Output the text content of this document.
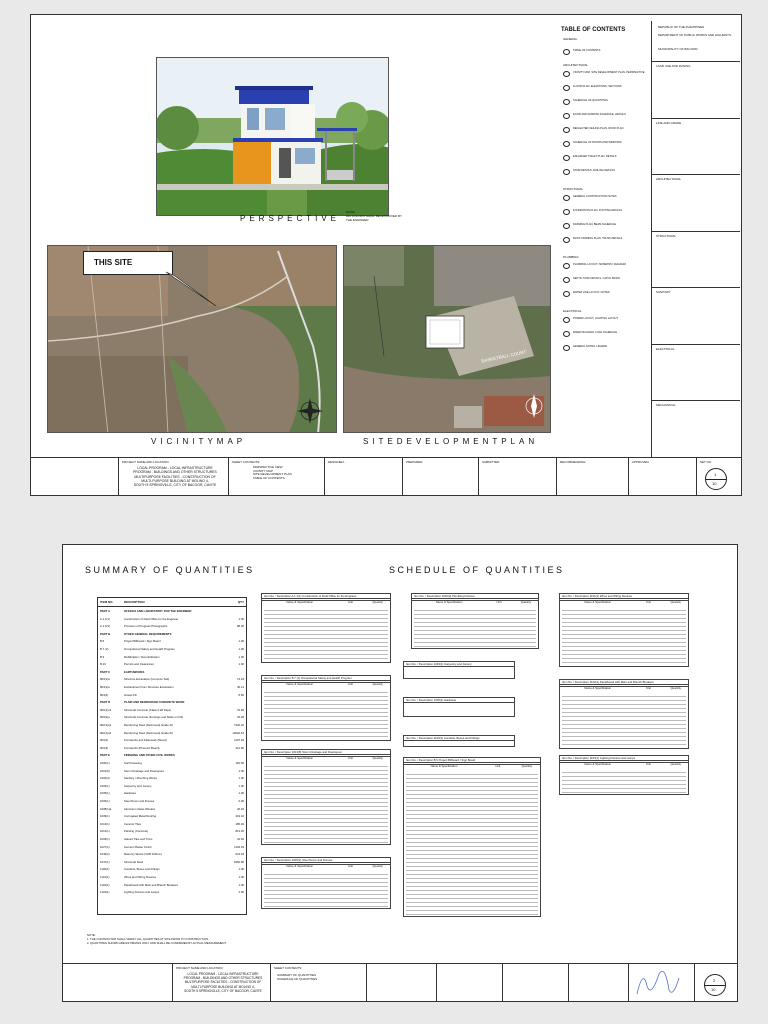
PERSPECTIVE
NOTE:
ALL COLORS SHALL BE APPROVED BY THE ENGINEER
THIS SITE
VICINITYMAP
BASKETBALL COURT
SITEDEVELOPMENTPLAN
TABLE OF CONTENTS
GENERAL
TABLE OF CONTENTS
ARCHITECTURAL
VICINITY MAP, SITE DEVELOPMENT PLAN, PERSPECTIVE
FLOOR PLAN, ELEVATIONS, SECTIONS
SCHEDULE OF QUANTITIES
DOOR AND WINDOW SCHEDULE, DETAILS
REFLECTED CEILING PLAN, ROOF PLAN
SCHEDULE OF DOORS AND WINDOWS
ENLARGED TOILET PLAN, DETAILS
STAIR DETAILS, RAILING DETAILS
STRUCTURAL
GENERAL CONSTRUCTION NOTES
FOUNDATION PLAN, FOOTING DETAILS
FRAMING PLAN, BEAM SCHEDULE
ROOF FRAMING PLAN, TRUSS DETAILS
PLUMBING
PLUMBING LAYOUT, ISOMETRIC DIAGRAM
SEPTIC TANK DETAILS, CATCH BASIN
WATER LINE LAYOUT, NOTES
ELECTRICAL
POWER LAYOUT, LIGHTING LAYOUT
RISER DIAGRAM, LOAD SCHEDULE
GENERAL NOTES, LEGEND
REPUBLIC OF THE PHILIPPINES
DEPARTMENT OF PUBLIC WORKS AND HIGHWAYS
MUNICIPALITY OF BACOOR
LAND USE AND ZONING
LINE AND GRADE
ARCHITECTURAL
STRUCTURAL
SANITARY
ELECTRICAL
MECHANICAL
PROJECT NAME AND LOCATION:
LOCAL PROGRAM - LOCAL INFRASTRUCTURE
PROGRAM - BUILDINGS AND OTHER STRUCTURES
MULTIPURPOSE FACILITIES - CONSTRUCTION OF
MULTI-PURPOSE BUILDING AT MOLINO 4,
SOUTH 5 SPRINGVILLE, CITY OF BACOOR, CAVITE
SHEET CONTENTS:
PERSPECTIVE VIEW
VICINITY MAP
SITE DEVELOPMENT PLAN
TABLE OF CONTENTS
DESIGNED:	PREPARED:	SUBMITTED:	RECOMMENDING:	APPROVED:	SET NO.
1
10
SUMMARY OF QUANTITIES	SCHEDULE OF QUANTITIES
ITEM NO.	DESCRIPTION	QTY
PART A	OFFICES AND LABORATORY FOR THE ENGINEER
A.1.1(1)	Construction of Field Office for the Engineer	1.00
A.1.1(5)	Provision of Progress Photographs	88.00
PART B	OTHER GENERAL REQUIREMENTS
B.5	Project Billboard / Sign Board	1.00
B.7 (2)	Occupational Safety and Health Program	1.00
B.9	Mobilization / Demobilization	1.00
B.10	Permits and Clearances	1.00
PART C	EARTHWORKS
803(1)a	Structure Excavation (Common Soil)	74.18
804(1)a	Embankment from Structure Excavation	46.14
804(4)	Gravel Fill	8.66
PART D	PLAIN AND REINFORCED CONCRETE WORK
900(1)c4	Structural Concrete (Class A 28 Days)	79.65
900(2)a	Structural Concrete (Footings and Slabs on Fill)	34.28
902(1)a1	Reinforcing Steel (Deformed) Grade 40	7420.32
902(1)a2	Reinforcing Steel (Deformed) Grade 60	10620.54
903(2)	Formworks and Falsework (Wood)	1197.29
903(3)	Formworks (Phenolic Board)	412.50
PART E	FINISHING AND OTHER CIVIL WORKS
1000(1)	Soil Poisoning	181.50
1001(8)	Storm Drainage and Downspout	1.00
1002(3)	Sanitary / Plumbing Works	1.00
1003(1)	Carpentry and Joinery	1.00
1005(1)	Hardware	1.00
1006(1)	Steel Doors and Frames	6.00
1008(1)a	Aluminum Glass Window	26.40
1009(1)	Corrugated Metal Roofing	219.32
1012(1)	Ceramic Tiles	185.94
1014(1)	Painting (Concrete)	813.45
1018(1)	Glazed Tiles and Trims	42.62
1027(1)	Cement Plaster Finish	1104.39
1046(2)	Masonry Works (CHB 100mm)	624.18
1047(1)	Structural Steel	3450.80
1100(1)	Conduits, Boxes and Fittings	1.00
1101(1)	Wires and Wiring Devices	1.00
1102(1)	Panelboard with Main and Branch Breakers	1.00
1103(1)	Lighting Fixtures and Lamps	1.00
Item No. / Description A.1.1(1) Construction of Field Office for the Engineer
Name & Specification	Unit	Quantity
Item No. / Description 1002(3) Plumbing Fixtures
Name & Specification	Unit	Quantity
Item No. / Description 1101(1) Wires and Wiring Devices
Name & Specification	Unit	Quantity
Item No. / Description B.7 (2) Occupational Safety and Health Program
Name & Specification	Unit	Quantity
Item No. / Description 1003(1) Carpentry and Joinery
Item No. / Description 1102(1) Panelboard with Main and Branch Breakers
Name & Specification	Unit	Quantity
Item No. / Description 1001(8) Storm Drainage and Downspout
Name & Specification	Unit	Quantity
Item No. / Description 1005(1) Hardware
Item No. / Description 1103(1) Lighting Fixtures and Lamps
Name & Specification	Unit	Quantity
Item No. / Description 1006(1) Steel Doors and Frames
Name & Specification	Unit	Quantity
Item No. / Description 1100(1) Conduits, Boxes and Fittings
Item No. / Description B.5 Project Billboard / Sign Board
Name & Specification	Unit	Quantity
NOTE:
1. THE CONTRACTOR SHALL VERIFY ALL QUANTITIES AT SITE PRIOR TO CONSTRUCTION.
2. QUANTITIES SHOWN ARE ESTIMATES ONLY AND SHALL BE CONFIRMED BY ACTUAL MEASUREMENT.
PROJECT NAME AND LOCATION:
LOCAL PROGRAM - LOCAL INFRASTRUCTURE
PROGRAM - BUILDINGS AND OTHER STRUCTURES
MULTIPURPOSE FACILITIES - CONSTRUCTION OF
MULTI-PURPOSE BUILDING AT MOLINO 4,
SOUTH 5 SPRINGVILLE, CITY OF BACOOR, CAVITE
SHEET CONTENTS:
SUMMARY OF QUANTITIES
SCHEDULE OF QUANTITIES	2
10
